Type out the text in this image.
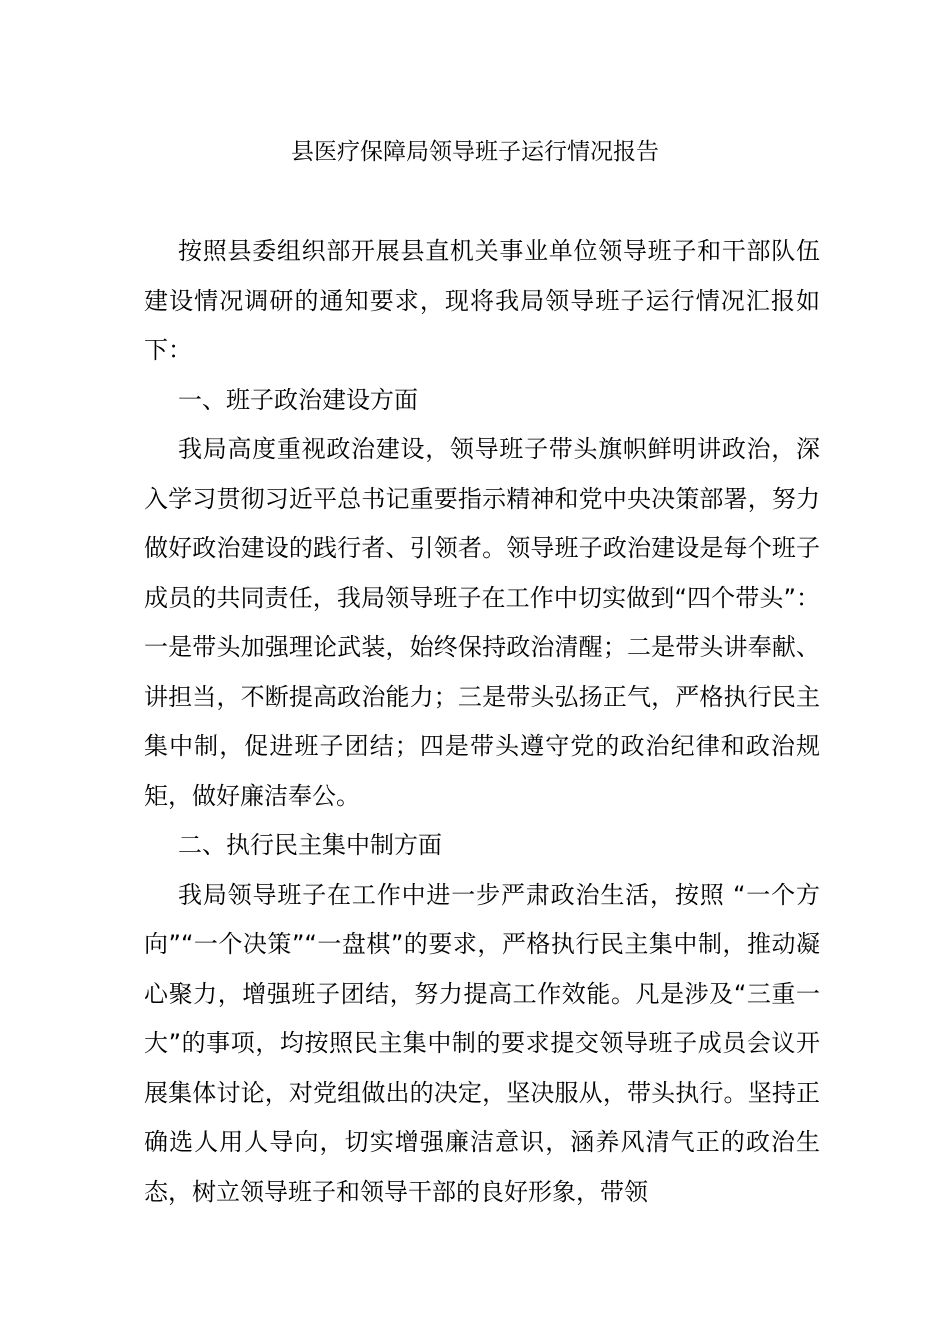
县医疗保障局领导班子运行情况报告

按照县委组织部开展县直机关事业单位领导班子和干部队伍建设情况调研的通知要求，现将我局领导班子运行情况汇报如下：

一、班子政治建设方面

我局高度重视政治建设，领导班子带头旗帜鲜明讲政治，深入学习贯彻习近平总书记重要指示精神和党中央决策部署，努力做好政治建设的践行者、引领者。领导班子政治建设是每个班子成员的共同责任，我局领导班子在工作中切实做到“四个带头”：一是带头加强理论武装，始终保持政治清醒；二是带头讲奉献、讲担当，不断提高政治能力；三是带头弘扬正气，严格执行民主集中制，促进班子团结；四是带头遵守党的政治纪律和政治规矩，做好廉洁奉公。

二、执行民主集中制方面

我局领导班子在工作中进一步严肃政治生活，按照 “一个方向”“一个决策”“一盘棋”的要求，严格执行民主集中制，推动凝心聚力，增强班子团结，努力提高工作效能。凡是涉及“三重一大”的事项，均按照民主集中制的要求提交领导班子成员会议开展集体讨论，对党组做出的决定，坚决服从，带头执行。坚持正确选人用人导向，切实增强廉洁意识，涵养风清气正的政治生态，树立领导班子和领导干部的良好形象，带领
